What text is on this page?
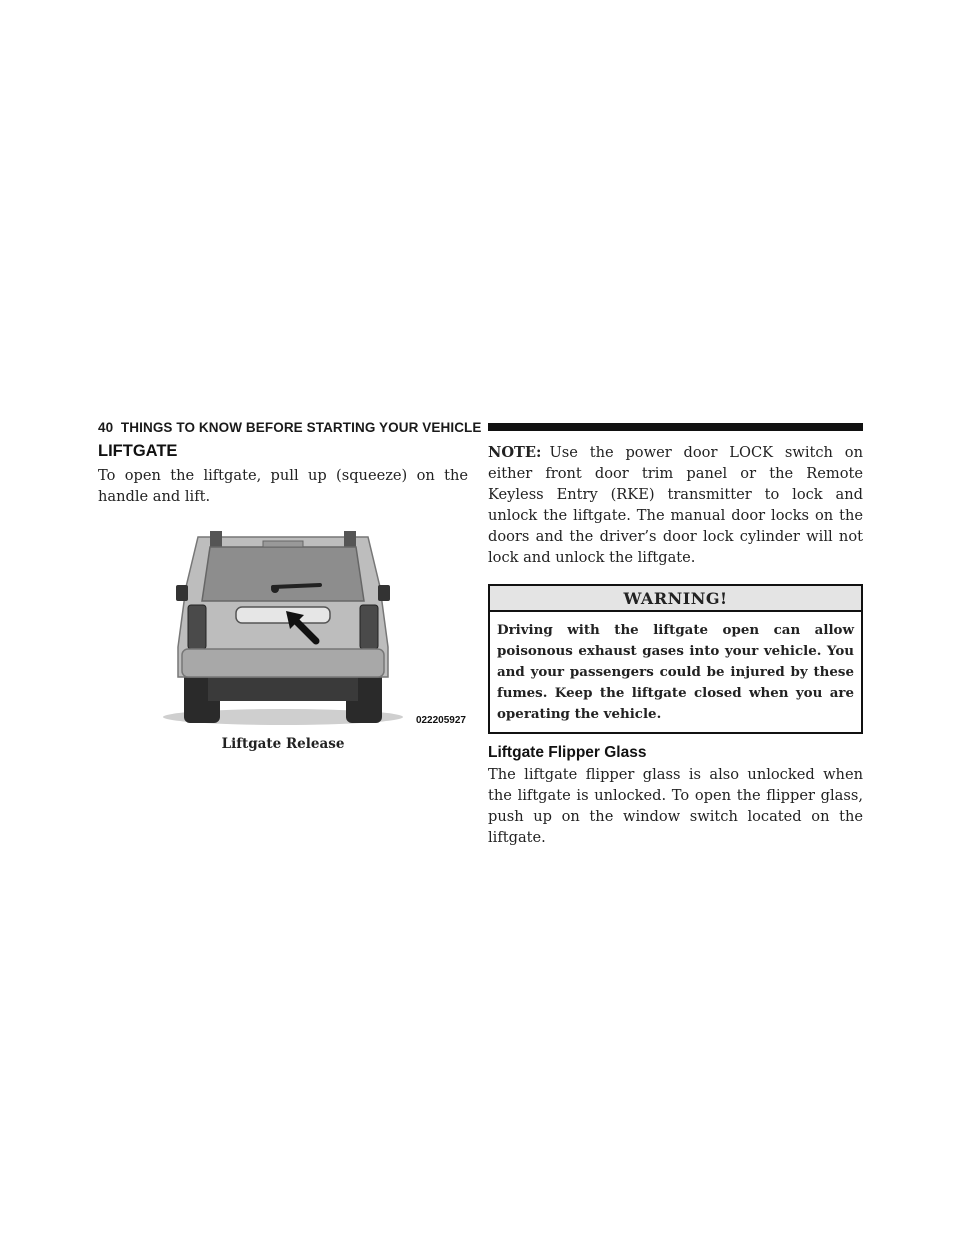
40 THINGS TO KNOW BEFORE STARTING YOUR VEHICLE
LIFTGATE

To open the liftgate, pull up (squeeze) on the handle and lift.

022205927
Liftgate Release

NOTE: Use the power door LOCK switch on either front door trim panel or the Remote Keyless Entry (RKE) transmitter to lock and unlock the liftgate. The manual door locks on the doors and the driver’s door lock cylinder will not lock and unlock the liftgate.

WARNING!
Driving with the liftgate open can allow poisonous exhaust gases into your vehicle. You and your passengers could be injured by these fumes. Keep the liftgate closed when you are operating the vehicle.
Liftgate Flipper Glass

The liftgate flipper glass is also unlocked when the liftgate is unlocked. To open the flipper glass, push up on the window switch located on the liftgate.
